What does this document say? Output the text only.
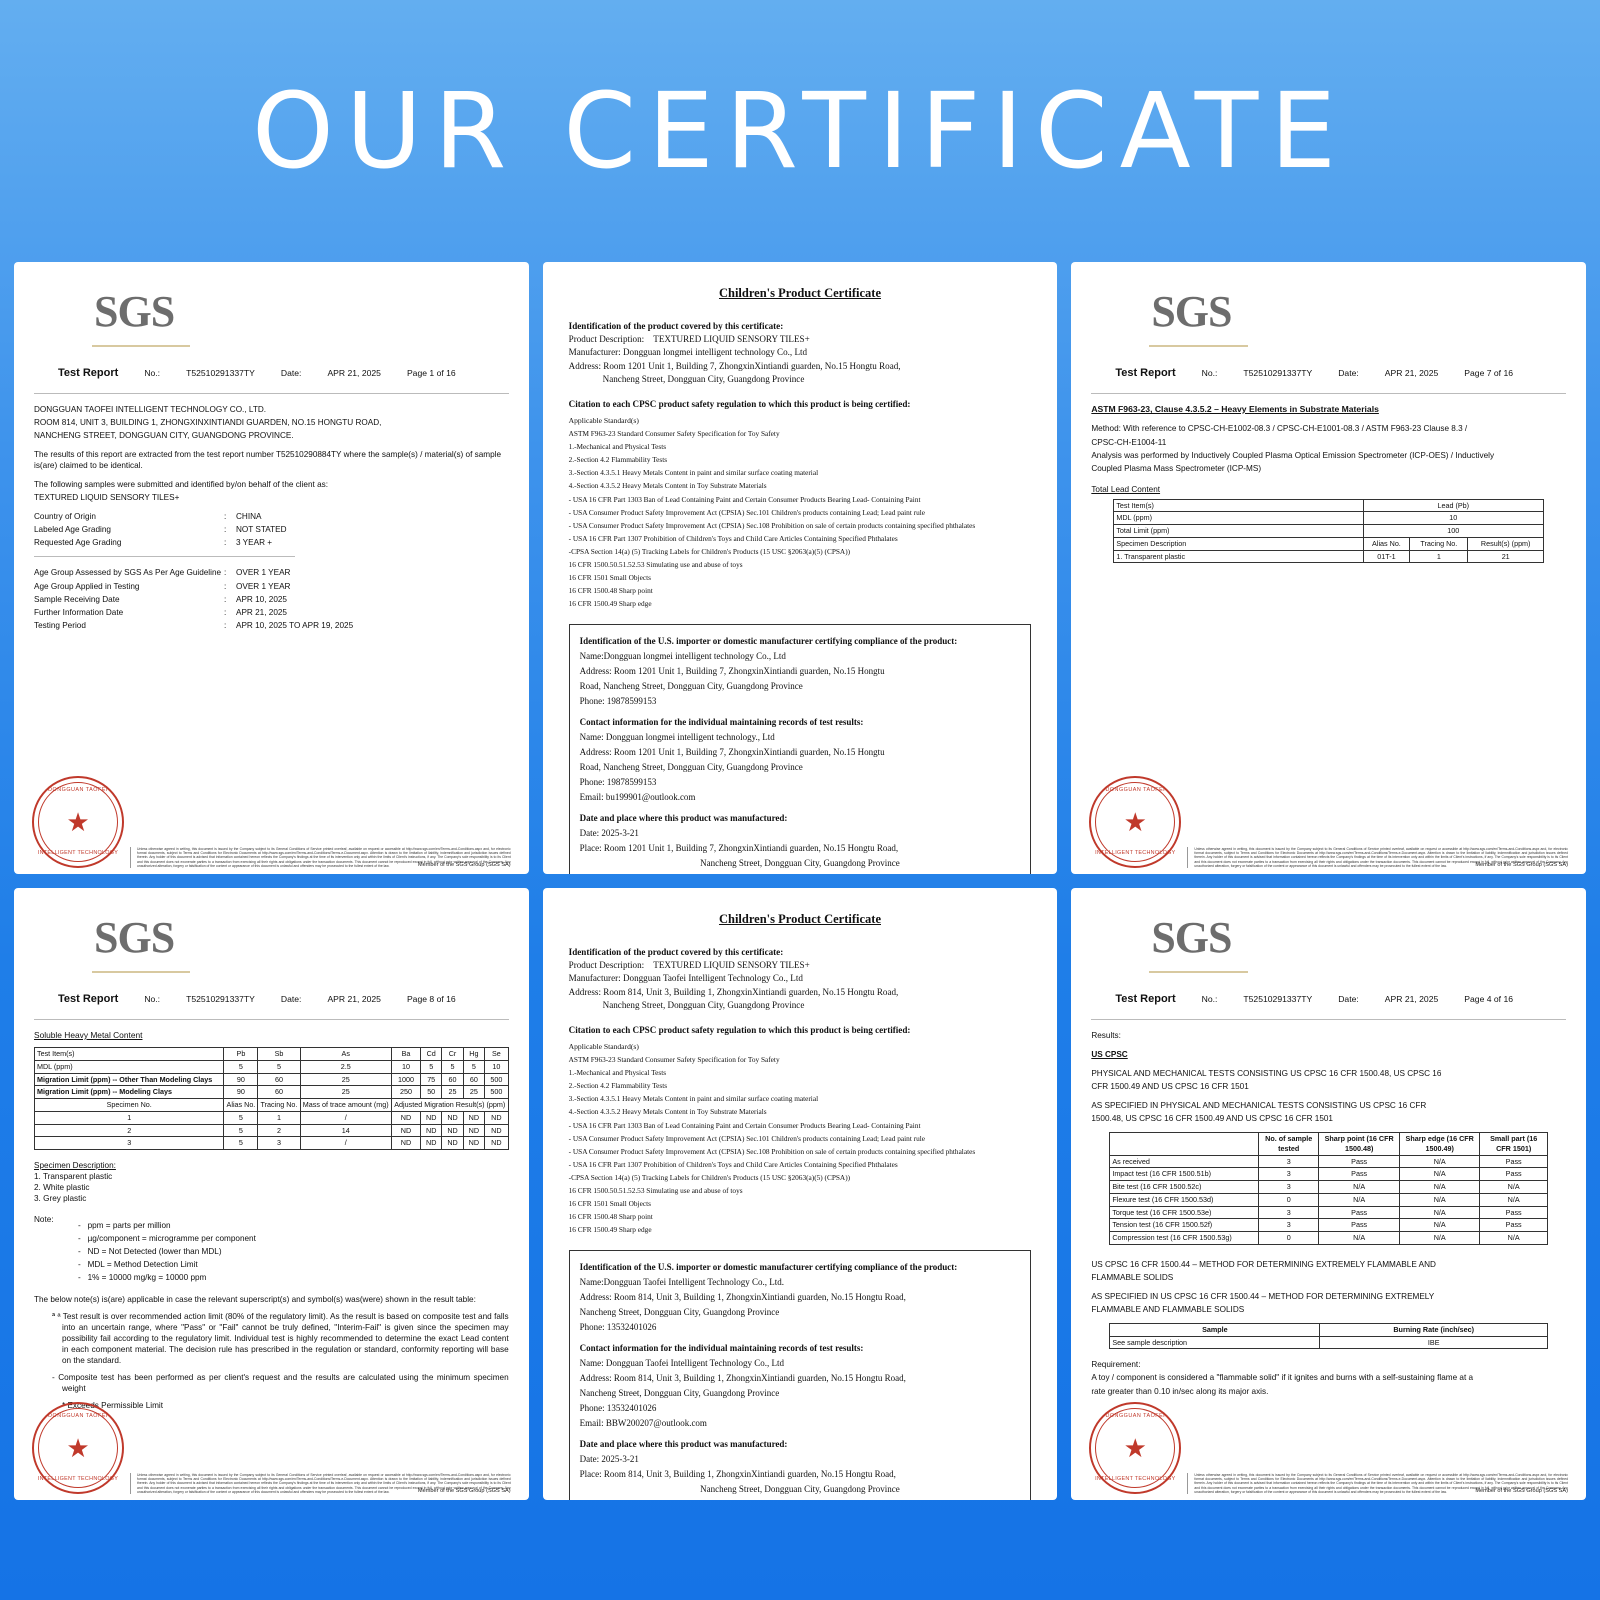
OUR CERTIFICATE
SGS
Test Report	No.:	T52510291337TY	Date:	APR 21, 2025	Page 1 of 16

DONGGUAN TAOFEI INTELLIGENT TECHNOLOGY CO., LTD.

ROOM 814, UNIT 3, BUILDING 1, ZHONGXINXINTIANDI GUARDEN, NO.15 HONGTU ROAD,

NANCHENG STREET, DONGGUAN CITY, GUANGDONG PROVINCE.

The results of this report are extracted from the test report number T52510290884TY where the sample(s) / material(s) of sample is(are) claimed to be identical.

The following samples were submitted and identified by/on behalf of the client as:

TEXTURED LIQUID SENSORY TILES+

Country of Origin	:	CHINA
Labeled Age Grading	:	NOT STATED
Requested Age Grading	:	3 YEAR +
Age Group Assessed by SGS As Per Age Guideline :	OVER 1 YEAR
Age Group Applied in Testing	:	OVER 1 YEAR
Sample Receiving Date	:	APR 10, 2025
Further Information Date	:	APR 21, 2025
Testing Period	:	APR 10, 2025 TO APR 19, 2025
DONGGUAN TAOFEI
★
INTELLIGENT TECHNOLOGY
Unless otherwise agreed in writing, this document is issued by the Company subject to its General Conditions of Service printed overleaf, available on request or accessible at http://www.sgs.com/en/Terms-and-Conditions.aspx and, for electronic format documents, subject to Terms and Conditions for Electronic Documents at http://www.sgs.com/en/Terms-and-Conditions/Terms-e-Document.aspx. Attention is drawn to the limitation of liability, indemnification and jurisdiction issues defined therein. Any holder of this document is advised that information contained hereon reflects the Company's findings at the time of its intervention only and within the limits of Client's instructions, if any. The Company's sole responsibility is to its Client and this document does not exonerate parties to a transaction from exercising all their rights and obligations under the transaction documents. This document cannot be reproduced except in full, without prior written approval of the Company. Any unauthorized alteration, forgery or falsification of the content or appearance of this document is unlawful and offenders may be prosecuted to the fullest extent of the law.	Member of the SGS Group (SGS SA)
Children's Product Certificate
Identification of the product covered by this certificate:
Product Description: TEXTURED LIQUID SENSORY TILES+
Manufacturer: Dongguan longmei intelligent technology Co., Ltd
Address: Room 1201 Unit 1, Building 7, ZhongxinXintiandi guarden, No.15 Hongtu Road,
Nancheng Street, Dongguan City, Guangdong Province
Citation to each CPSC product safety regulation to which this product is being certified:
Applicable Standard(s)
ASTM F963-23 Standard Consumer Safety Specification for Toy Safety
1.-Mechanical and Physical Tests
2.-Section 4.2 Flammability Tests
3.-Section 4.3.5.1 Heavy Metals Content in paint and similar surface coating material
4.-Section 4.3.5.2 Heavy Metals Content in Toy Substrate Materials
- USA 16 CFR Part 1303 Ban of Lead Containing Paint and Certain Consumer Products Bearing Lead- Containing Paint
- USA Consumer Product Safety Improvement Act (CPSIA) Sec.101 Children's products containing Lead; Lead paint rule
- USA Consumer Product Safety Improvement Act (CPSIA) Sec.108 Prohibition on sale of certain products containing specified phthalates
- USA 16 CFR Part 1307 Prohibition of Children's Toys and Child Care Articles Containing Specified Phthalates
-CPSA Section 14(a) (5) Tracking Labels for Children's Products (15 USC §2063(a)(5) (CPSA))
16 CFR 1500.50.51.52.53 Simulating use and abuse of toys
16 CFR 1501 Small Objects
16 CFR 1500.48 Sharp point
16 CFR 1500.49 Sharp edge

Identification of the U.S. importer or domestic manufacturer certifying compliance of the product:

Name:Dongguan longmei intelligent technology Co., Ltd

Address: Room 1201 Unit 1, Building 7, ZhongxinXintiandi guarden, No.15 Hongtu

Road, Nancheng Street, Dongguan City, Guangdong Province

Phone: 19878599153

Contact information for the individual maintaining records of test results:

Name: Dongguan longmei intelligent technology., Ltd

Address: Room 1201 Unit 1, Building 7, ZhongxinXintiandi guarden, No.15 Hongtu

Road, Nancheng Street, Dongguan City, Guangdong Province

Phone: 19878599153

Email: bu199901@outlook.com

Date and place where this product was manufactured:

Date: 2025-3-21

Place: Room 1201 Unit 1, Building 7, ZhongxinXintiandi guarden, No.15 Hongtu Road,

Nancheng Street, Dongguan City, Guangdong Province

SGS
Test Report	No.:	T52510291337TY	Date:	APR 21, 2025	Page 7 of 16
ASTM F963-23, Clause 4.3.5.2 – Heavy Elements in Substrate Materials

Method: With reference to CPSC-CH-E1002-08.3 / CPSC-CH-E1001-08.3 / ASTM F963-23 Clause 8.3 /

CPSC-CH-E1004-11

Analysis was performed by Inductively Coupled Plasma Optical Emission Spectrometer (ICP-OES) / Inductively

Coupled Plasma Mass Spectrometer (ICP-MS)

Total Lead Content
Test Item(s)	Lead (Pb)		
MDL (ppm)	10		
Total Limit (ppm)	100		
Specimen Description	Alias No.	Tracing No.	Result(s) (ppm)
1. Transparent plastic	01T-1	1	21
DONGGUAN TAOFEI
★
INTELLIGENT TECHNOLOGY
Unless otherwise agreed in writing, this document is issued by the Company subject to its General Conditions of Service printed overleaf, available on request or accessible at http://www.sgs.com/en/Terms-and-Conditions.aspx and, for electronic format documents, subject to Terms and Conditions for Electronic Documents at http://www.sgs.com/en/Terms-and-Conditions/Terms-e-Document.aspx. Attention is drawn to the limitation of liability, indemnification and jurisdiction issues defined therein. Any holder of this document is advised that information contained hereon reflects the Company's findings at the time of its intervention only and within the limits of Client's instructions, if any. The Company's sole responsibility is to its Client and this document does not exonerate parties to a transaction from exercising all their rights and obligations under the transaction documents. This document cannot be reproduced except in full, without prior written approval of the Company. Any unauthorized alteration, forgery or falsification of the content or appearance of this document is unlawful and offenders may be prosecuted to the fullest extent of the law.	Member of the SGS Group (SGS SA)
SGS
Test Report	No.:	T52510291337TY	Date:	APR 21, 2025	Page 8 of 16
Soluble Heavy Metal Content
Test Item(s)	Pb	Sb	As	Ba	Cd	Cr	Hg	Se
MDL (ppm)	5	5	2.5	10	5	5	5	10
Migration Limit (ppm) -- Other Than Modeling Clays	90	60	25	1000	75	60	60	500
Migration Limit (ppm) -- Modeling Clays	90	60	25	250	50	25	25	500
Specimen No.	Alias No.	Tracing No.	Mass of trace amount (mg)	Adjusted Migration Result(s) (ppm)				
1	5	1	/	ND	ND	ND	ND	ND
2	5	2	14	ND	ND	ND	ND	ND
3	5	3	/	ND	ND	ND	ND	ND
Specimen Description:
1. Transparent plastic
2. White plastic
3. Grey plastic
Note:
-   ppm = parts per million
-   µg/component = microgramme per component
-   ND = Not Detected (lower than MDL)
-   MDL = Method Detection Limit
-   1% = 10000 mg/kg = 10000 ppm
The below note(s) is(are) applicable in case the relevant superscript(s) and symbol(s) was(were) shown in the result table:
ª ª Test result is over recommended action limit (80% of the regulatory limit). As the result is based on composite test and falls into an uncertain range, where "Pass" or "Fail" cannot be truly defined, "Interim-Fail" is given since the specimen may possibility fail according to the regulatory limit. Individual test is highly recommended to determine the exact Lead content in each component material. The decision rule has prescribed in the regulation or standard, conformity reporting will base on the standard.
- Composite test has been performed as per client's request and the results are calculated using the minimum specimen weight
* Exceeds Permissible Limit
DONGGUAN TAOFEI
★
INTELLIGENT TECHNOLOGY
Unless otherwise agreed in writing, this document is issued by the Company subject to its General Conditions of Service printed overleaf, available on request or accessible at http://www.sgs.com/en/Terms-and-Conditions.aspx and, for electronic format documents, subject to Terms and Conditions for Electronic Documents at http://www.sgs.com/en/Terms-and-Conditions/Terms-e-Document.aspx. Attention is drawn to the limitation of liability, indemnification and jurisdiction issues defined therein. Any holder of this document is advised that information contained hereon reflects the Company's findings at the time of its intervention only and within the limits of Client's instructions, if any. The Company's sole responsibility is to its Client and this document does not exonerate parties to a transaction from exercising all their rights and obligations under the transaction documents. This document cannot be reproduced except in full, without prior written approval of the Company. Any unauthorized alteration, forgery or falsification of the content or appearance of this document is unlawful and offenders may be prosecuted to the fullest extent of the law.	Member of the SGS Group (SGS SA)
Children's Product Certificate
Identification of the product covered by this certificate:
Product Description: TEXTURED LIQUID SENSORY TILES+
Manufacturer: Dongguan Taofei Intelligent Technology Co., Ltd
Address: Room 814, Unit 3, Building 1, ZhongxinXintiandi guarden, No.15 Hongtu Road,
Nancheng Street, Dongguan City, Guangdong Province
Citation to each CPSC product safety regulation to which this product is being certified:
Applicable Standard(s)
ASTM F963-23 Standard Consumer Safety Specification for Toy Safety
1.-Mechanical and Physical Tests
2.-Section 4.2 Flammability Tests
3.-Section 4.3.5.1 Heavy Metals Content in paint and similar surface coating material
4.-Section 4.3.5.2 Heavy Metals Content in Toy Substrate Materials
- USA 16 CFR Part 1303 Ban of Lead Containing Paint and Certain Consumer Products Bearing Lead- Containing Paint
- USA Consumer Product Safety Improvement Act (CPSIA) Sec.101 Children's products containing Lead; Lead paint rule
- USA Consumer Product Safety Improvement Act (CPSIA) Sec.108 Prohibition on sale of certain products containing specified phthalates
- USA 16 CFR Part 1307 Prohibition of Children's Toys and Child Care Articles Containing Specified Phthalates
-CPSA Section 14(a) (5) Tracking Labels for Children's Products (15 USC §2063(a)(5) (CPSA))
16 CFR 1500.50.51.52.53 Simulating use and abuse of toys
16 CFR 1501 Small Objects
16 CFR 1500.48 Sharp point
16 CFR 1500.49 Sharp edge

Identification of the U.S. importer or domestic manufacturer certifying compliance of the product:

Name:Dongguan Taofei Intelligent Technology Co., Ltd.

Address: Room 814, Unit 3, Building 1, ZhongxinXintiandi guarden, No.15 Hongtu Road,

Nancheng Street, Dongguan City, Guangdong Province

Phone: 13532401026

Contact information for the individual maintaining records of test results:

Name: Dongguan Taofei Intelligent Technology Co., Ltd

Address: Room 814, Unit 3, Building 1, ZhongxinXintiandi guarden, No.15 Hongtu Road,

Nancheng Street, Dongguan City, Guangdong Province

Phone: 13532401026

Email: BBW200207@outlook.com

Date and place where this product was manufactured:

Date: 2025-3-21

Place: Room 814, Unit 3, Building 1, ZhongxinXintiandi guarden, No.15 Hongtu Road,

Nancheng Street, Dongguan City, Guangdong Province

SGS
Test Report	No.:	T52510291337TY	Date:	APR 21, 2025	Page 4 of 16
Results:
US CPSC

PHYSICAL AND MECHANICAL TESTS CONSISTING US CPSC 16 CFR 1500.48, US CPSC 16

CFR 1500.49 AND US CPSC 16 CFR 1501

AS SPECIFIED IN PHYSICAL AND MECHANICAL TESTS CONSISTING US CPSC 16 CFR

1500.48, US CPSC 16 CFR 1500.49 AND US CPSC 16 CFR 1501

	No. of sample tested	Sharp point (16 CFR 1500.48)	Sharp edge (16 CFR 1500.49)	Small part (16 CFR 1501)
As received	3	Pass	N/A	Pass
Impact test (16 CFR 1500.51b)	3	Pass	N/A	Pass
Bite test (16 CFR 1500.52c)	3	N/A	N/A	N/A
Flexure test (16 CFR 1500.53d)	0	N/A	N/A	N/A
Torque test (16 CFR 1500.53e)	3	Pass	N/A	Pass
Tension test (16 CFR 1500.52f)	3	Pass	N/A	Pass
Compression test (16 CFR 1500.53g)	0	N/A	N/A	N/A

US CPSC 16 CFR 1500.44 – METHOD FOR DETERMINING EXTREMELY FLAMMABLE AND

FLAMMABLE SOLIDS

AS SPECIFIED IN US CPSC 16 CFR 1500.44 – METHOD FOR DETERMINING EXTREMELY

FLAMMABLE AND FLAMMABLE SOLIDS

Sample	Burning Rate (inch/sec)
See sample description	IBE
Requirement:

A toy / component is considered a "flammable solid" if it ignites and burns with a self-sustaining flame at a

rate greater than 0.10 in/sec along its major axis.

DONGGUAN TAOFEI
★
INTELLIGENT TECHNOLOGY
Unless otherwise agreed in writing, this document is issued by the Company subject to its General Conditions of Service printed overleaf, available on request or accessible at http://www.sgs.com/en/Terms-and-Conditions.aspx and, for electronic format documents, subject to Terms and Conditions for Electronic Documents at http://www.sgs.com/en/Terms-and-Conditions/Terms-e-Document.aspx. Attention is drawn to the limitation of liability, indemnification and jurisdiction issues defined therein. Any holder of this document is advised that information contained hereon reflects the Company's findings at the time of its intervention only and within the limits of Client's instructions, if any. The Company's sole responsibility is to its Client and this document does not exonerate parties to a transaction from exercising all their rights and obligations under the transaction documents. This document cannot be reproduced except in full, without prior written approval of the Company. Any unauthorized alteration, forgery or falsification of the content or appearance of this document is unlawful and offenders may be prosecuted to the fullest extent of the law.	Member of the SGS Group (SGS SA)
